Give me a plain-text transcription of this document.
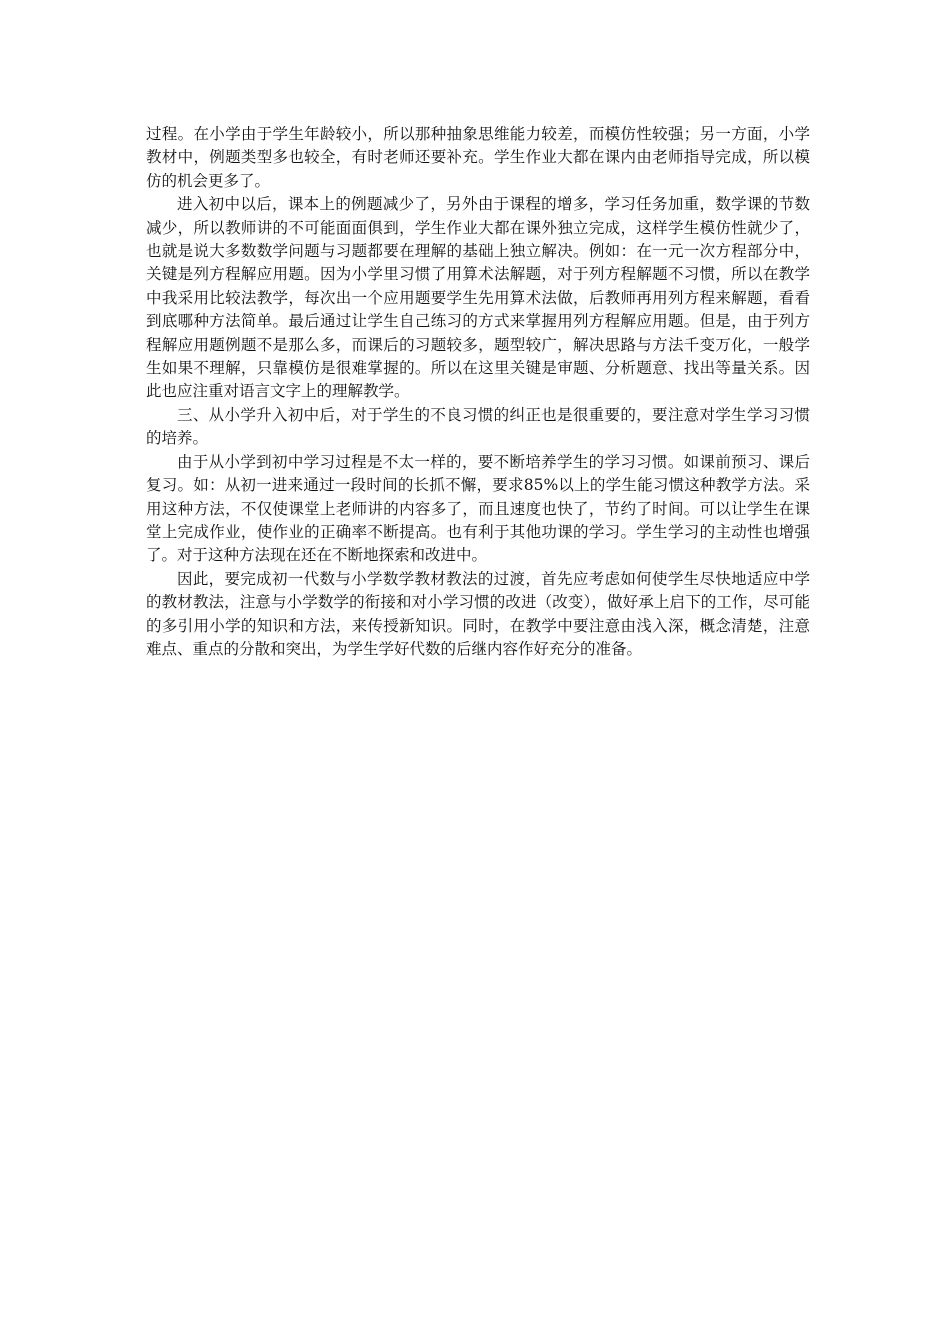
过程。在小学由于学生年龄较小，所以那种抽象思维能力较差，而模仿性较强；另一方面，小学教材中，例题类型多也较全，有时老师还要补充。学生作业大都在课内由老师指导完成，所以模仿的机会更多了。

进入初中以后，课本上的例题减少了，另外由于课程的增多，学习任务加重，数学课的节数减少，所以教师讲的不可能面面俱到，学生作业大都在课外独立完成，这样学生模仿性就少了，也就是说大多数数学问题与习题都要在理解的基础上独立解决。例如：在一元一次方程部分中，关键是列方程解应用题。因为小学里习惯了用算术法解题，对于列方程解题不习惯，所以在教学中我采用比较法教学，每次出一个应用题要学生先用算术法做，后教师再用列方程来解题，看看到底哪种方法简单。最后通过让学生自己练习的方式来掌握用列方程解应用题。但是，由于列方程解应用题例题不是那么多，而课后的习题较多，题型较广，解决思路与方法千变万化，一般学生如果不理解，只靠模仿是很难掌握的。所以在这里关键是审题、分析题意、找出等量关系。因此也应注重对语言文字上的理解教学。

三、从小学升入初中后，对于学生的不良习惯的纠正也是很重要的，要注意对学生学习习惯的培养。

由于从小学到初中学习过程是不太一样的，要不断培养学生的学习习惯。如课前预习、课后复习。如：从初一进来通过一段时间的长抓不懈，要求85%以上的学生能习惯这种教学方法。采用这种方法，不仅使课堂上老师讲的内容多了，而且速度也快了，节约了时间。可以让学生在课堂上完成作业，使作业的正确率不断提高。也有利于其他功课的学习。学生学习的主动性也增强了。对于这种方法现在还在不断地探索和改进中。

因此，要完成初一代数与小学数学教材教法的过渡，首先应考虑如何使学生尽快地适应中学的教材教法，注意与小学数学的衔接和对小学习惯的改进（改变），做好承上启下的工作，尽可能的多引用小学的知识和方法，来传授新知识。同时，在教学中要注意由浅入深，概念清楚，注意难点、重点的分散和突出，为学生学好代数的后继内容作好充分的准备。
